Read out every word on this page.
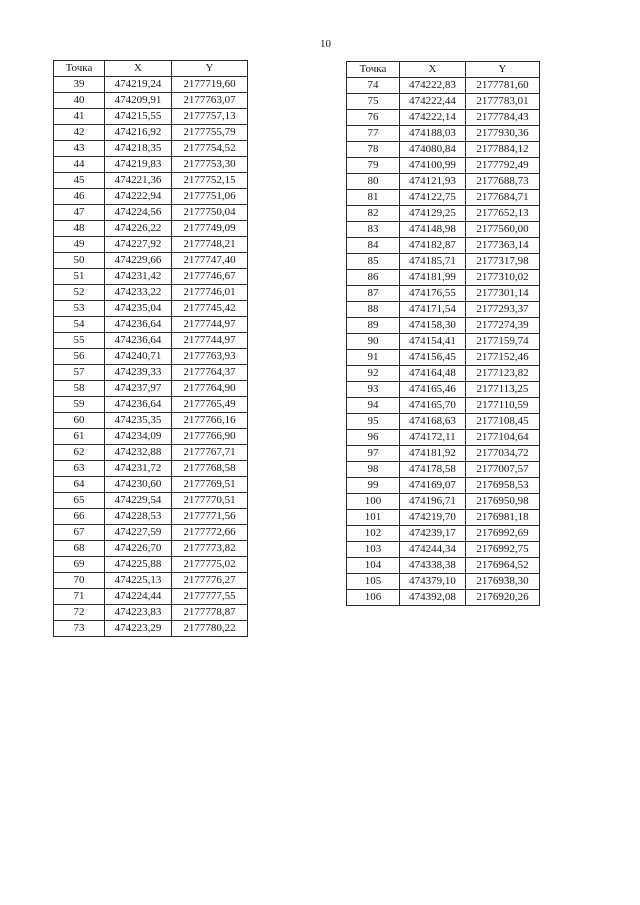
10
Точка	X	Y
39	474219,24	2177719,60
40	474209,91	2177763,07
41	474215,55	2177757,13
42	474216,92	2177755,79
43	474218,35	2177754,52
44	474219,83	2177753,30
45	474221,36	2177752,15
46	474222,94	2177751,06
47	474224,56	2177750,04
48	474226,22	2177749,09
49	474227,92	2177748,21
50	474229,66	2177747,40
51	474231,42	2177746,67
52	474233,22	2177746,01
53	474235,04	2177745,42
54	474236,64	2177744,97
55	474236,64	2177744,97
56	474240,71	2177763,93
57	474239,33	2177764,37
58	474237,97	2177764,90
59	474236,64	2177765,49
60	474235,35	2177766,16
61	474234,09	2177766,90
62	474232,88	2177767,71
63	474231,72	2177768,58
64	474230,60	2177769,51
65	474229,54	2177770,51
66	474228,53	2177771,56
67	474227,59	2177772,66
68	474226,70	2177773,82
69	474225,88	2177775,02
70	474225,13	2177776,27
71	474224,44	2177777,55
72	474223,83	2177778,87
73	474223,29	2177780,22
Точка	X	Y
74	474222,83	2177781,60
75	474222,44	2177783,01
76	474222,14	2177784,43
77	474188,03	2177930,36
78	474080,84	2177884,12
79	474100,99	2177792,49
80	474121,93	2177688,73
81	474122,75	2177684,71
82	474129,25	2177652,13
83	474148,98	2177560,00
84	474182,87	2177363,14
85	474185,71	2177317,98
86	474181,99	2177310,02
87	474176,55	2177301,14
88	474171,54	2177293,37
89	474158,30	2177274,39
90	474154,41	2177159,74
91	474156,45	2177152,46
92	474164,48	2177123,82
93	474165,46	2177113,25
94	474165,70	2177110,59
95	474168,63	2177108,45
96	474172,11	2177104,64
97	474181,92	2177034,72
98	474178,58	2177007,57
99	474169,07	2176958,53
100	474196,71	2176950,98
101	474219,70	2176981,18
102	474239,17	2176992,69
103	474244,34	2176992,75
104	474338,38	2176964,52
105	474379,10	2176938,30
106	474392,08	2176920,26
